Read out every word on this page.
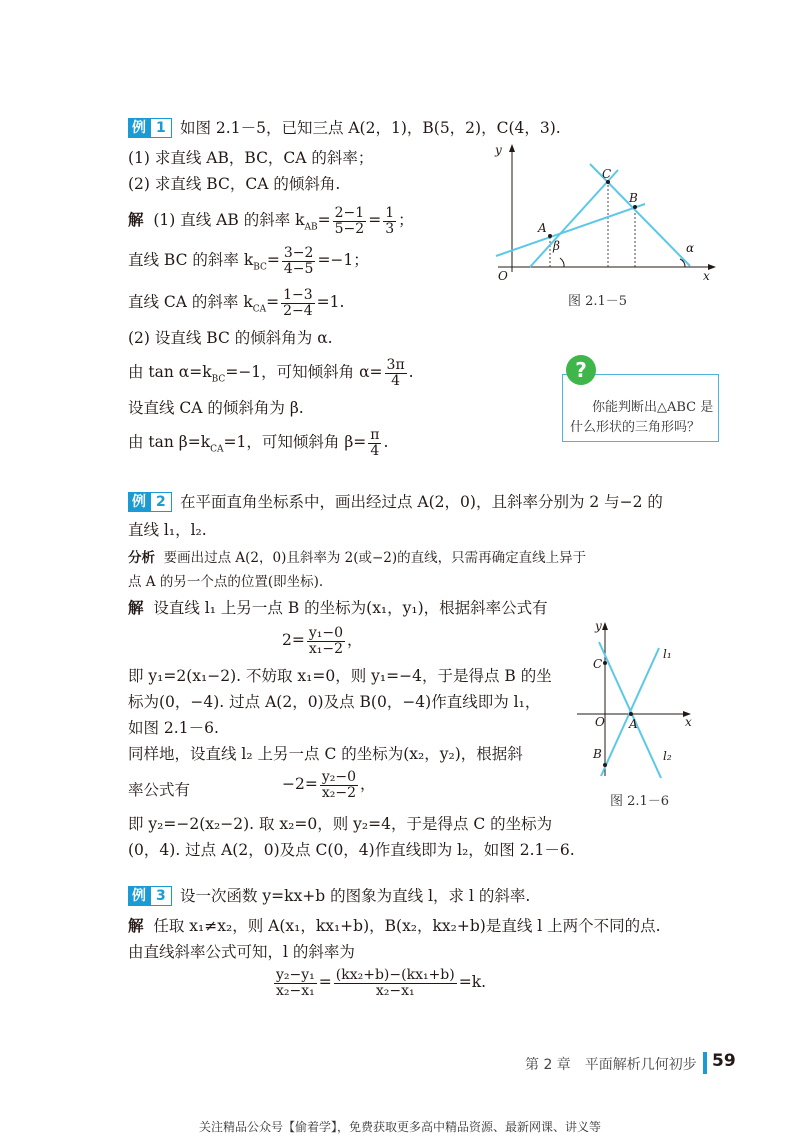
例 1 如图 2.1－5，已知三点 A(2，1)，B(5，2)，C(4，3).
(1) 求直线 AB，BC，CA 的斜率；
(2) 求直线 BC，CA 的倾斜角.
解 (1) 直线 AB 的斜率 $k_{AB}= \frac{2-1}{5-2} = \frac{1}{3}$ ；
直线 BC 的斜率 $k_{BC}= \frac{3-2}{4-5} =-1$；
直线 CA 的斜率 $k_{CA}= \frac{1-3}{2-4} =1$.
(2) 设直线 BC 的倾斜角为 α.
由 $\tan \alpha=k_{BC}=-1$，可知倾斜角 $\alpha= \frac{3\pi}{4}$ .
设直线 CA 的倾斜角为 β.
由 $\tan \beta=k_{CA}=1$，可知倾斜角 $\beta= \frac{\pi}{4}$ .
y
x
O
A
B
C
α
β
图 2.1－5
?
你能判断出△ABC 是
什么形状的三角形吗？
例 2 在平面直角坐标系中，画出经过点 A(2，0)，且斜率分别为 2 与−2 的
直线 l₁，l₂.
分析 要画出过点 A(2，0)且斜率为 2(或−2)的直线，只需再确定直线上异于
点 A 的另一个点的位置(即坐标).
解 设直线 l₁ 上另一点 B 的坐标为(x₁，y₁)，根据斜率公式有
$2= \frac{\text{y₁−0}}{\text{x₁−2}}$ ，
即 y₁=2(x₁−2). 不妨取 x₁=0，则 y₁=−4，于是得点 B 的坐
标为(0，−4). 过点 A(2，0)及点 B(0，−4)作直线即为 l₁，
如图 2.1－6.
同样地，设直线 l₂ 上另一点 C 的坐标为(x₂，y₂)，根据斜
率公式有	$-2= \frac{\text{y₂−0}}{\text{x₂−2}}$ ，
即 y₂=−2(x₂−2). 取 x₂=0，则 y₂=4，于是得点 C 的坐标为
(0，4). 过点 A(2，0)及点 C(0，4)作直线即为 l₂，如图 2.1－6.
y
x
O A
B
C
l₁
l₂
图 2.1－6
例 3 设一次函数 y=kx+b 的图象为直线 l，求 l 的斜率.
解 任取 x₁≠x₂，则 A(x₁，kx₁+b)，B(x₂，kx₂+b)是直线 l 上两个不同的点.
由直线斜率公式可知，l 的斜率为
$\frac{\text{y₂−y₁}}{\text{x₂−x₁}} = \frac{\text{(kx₂+b)−(kx₁+b)}}{\text{x₂−x₁}} =k$.
第 2 章　平面解析几何初步 59
关注精品公众号【偷着学】，免费获取更多高中精品资源、最新网课、讲义等
